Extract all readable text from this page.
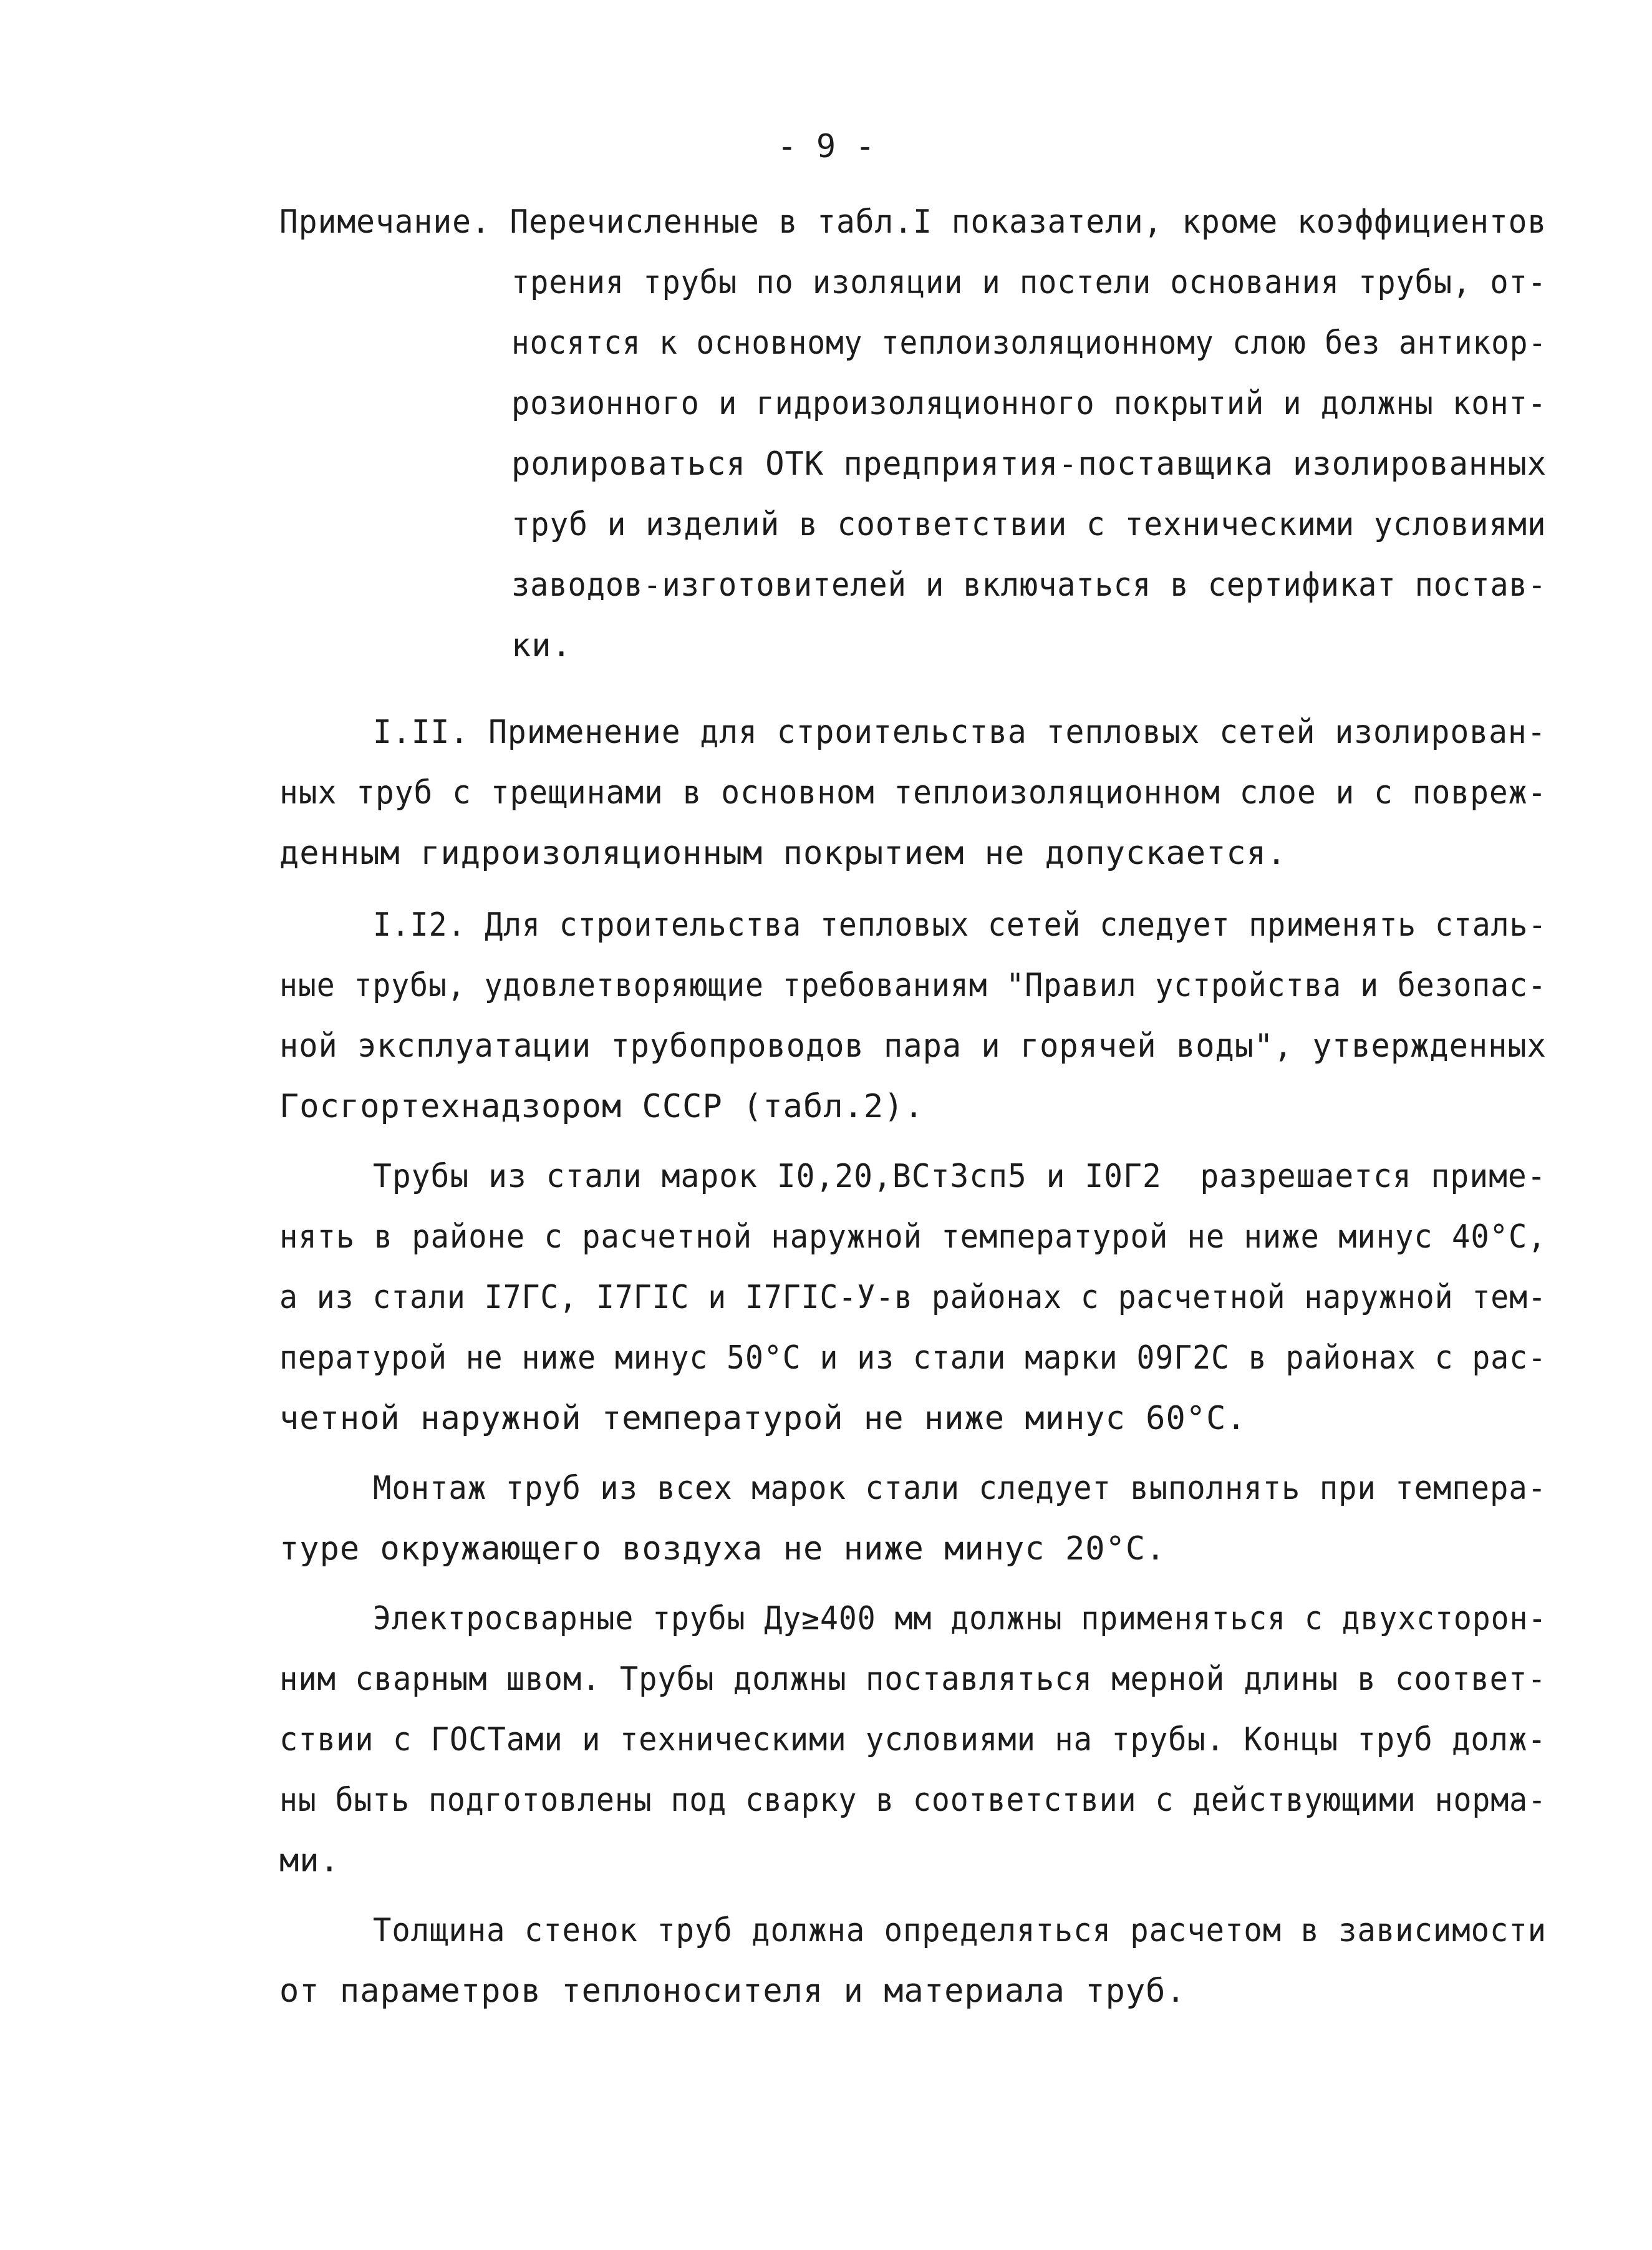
- 9 -
Примечание. Перечисленные в табл.I показатели, кроме коэффициентов
трения трубы по изоляции и постели основания трубы, от-
носятся к основному теплоизоляционному слою без антикор-
розионного и гидроизоляционного покрытий и должны конт-
ролироваться ОТК предприятия-поставщика изолированных
труб и изделий в соответствии с техническими условиями
заводов-изготовителей и включаться в сертификат постав-
ки.
I.II. Применение для строительства тепловых сетей изолирован-
ных труб с трещинами в основном теплоизоляционном слое и с повреж-
денным гидроизоляционным покрытием не допускается.
I.I2. Для строительства тепловых сетей следует применять сталь-
ные трубы, удовлетворяющие требованиям "Правил устройства и безопас-
ной эксплуатации трубопроводов пара и горячей воды", утвержденных
Госгортехнадзором СССР (табл.2).
Трубы из стали марок I0,20,ВСт3сп5 и I0Г2  разрешается приме-
нять в районе с расчетной наружной температурой не ниже минус 40°С,
а из стали I7ГС, I7ГIС и I7ГIС-У-в районах с расчетной наружной тем-
пературой не ниже минус 50°С и из стали марки 09Г2С в районах с рас-
четной наружной температурой не ниже минус 60°С.
Монтаж труб из всех марок стали следует выполнять при темпера-
туре окружающего воздуха не ниже минус 20°С.
Электросварные трубы Ду≥400 мм должны применяться с двухсторон-
ним сварным швом. Трубы должны поставляться мерной длины в соответ-
ствии с ГОСТами и техническими условиями на трубы. Концы труб долж-
ны быть подготовлены под сварку в соответствии с действующими норма-
ми.
Толщина стенок труб должна определяться расчетом в зависимости
от параметров теплоносителя и материала труб.
